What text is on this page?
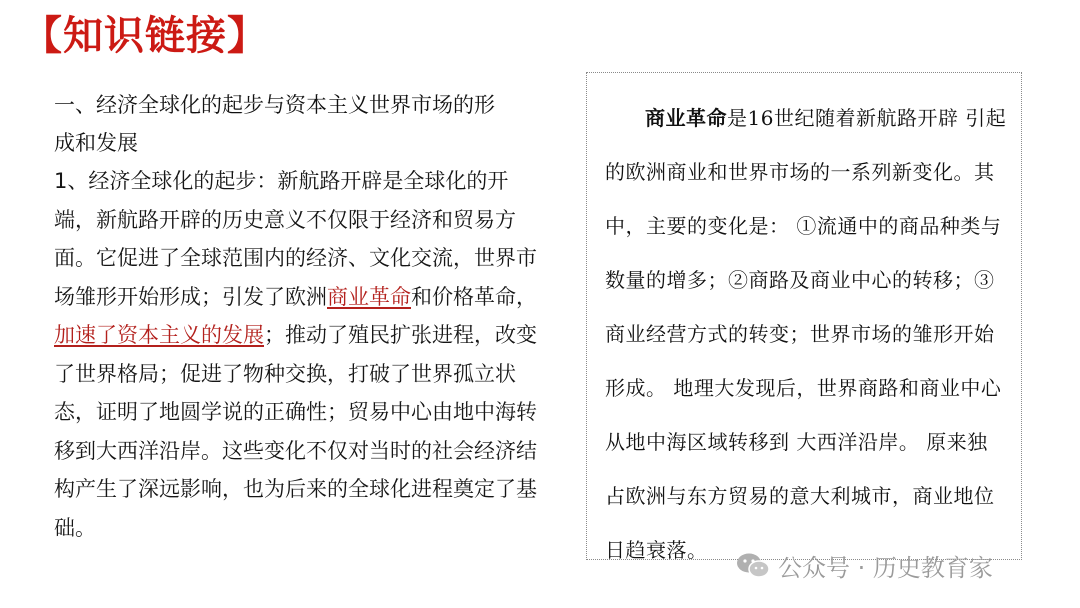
【知识链接】

一、经济全球化的起步与资本主义世界市场的形
成和发展

1、经济全球化的起步：新航路开辟是全球化的开端，新航路开辟的历史意义不仅限于经济和贸易方面。它促进了全球范围内的经济、文化交流，世界市场雏形开始形成；引发了欧洲商业革命和价格革命，加速了资本主义的发展；推动了殖民扩张进程，改变了世界格局；促进了物种交换，打破了世界孤立状态，证明了地圆学说的正确性；贸易中心由地中海转移到大西洋沿岸。这些变化不仅对当时的社会经济结构产生了深远影响，也为后来的全球化进程奠定了基础。

商业革命是16世纪随着新航路开辟 引起的欧洲商业和世界市场的一系列新变化。其中，主要的变化是： ①流通中的商品种类与数量的增多；②商路及商业中心的转移；③商业经营方式的转变；世界市场的雏形开始形成。 地理大发现后，世界商路和商业中心从地中海区域转移到 大西洋沿岸。 原来独占欧洲与东方贸易的意大利城市，商业地位日趋衰落。

公众号 · 历史教育家
